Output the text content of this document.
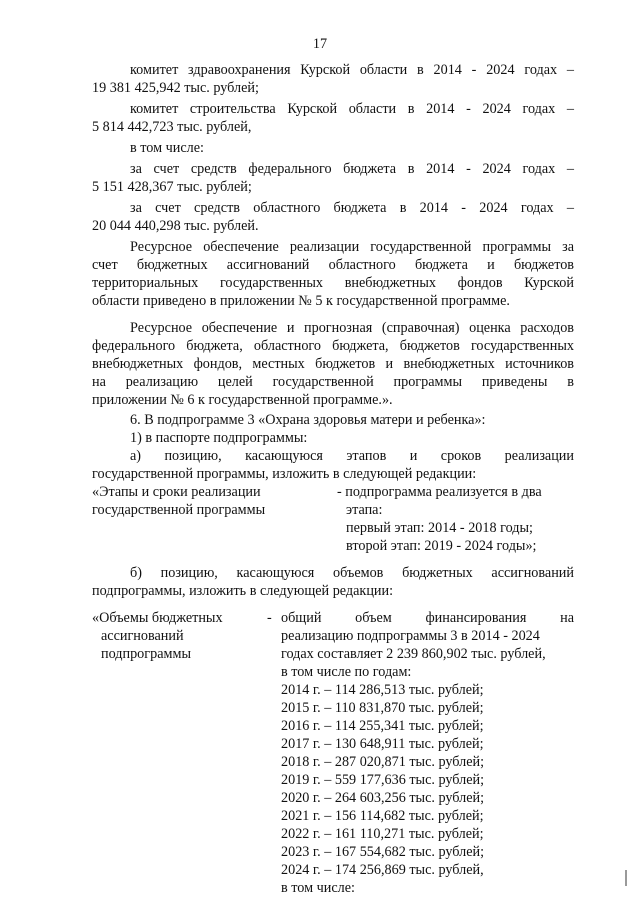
17

комитет здравоохранения Курской области в 2014 - 2024 годах –

19 381 425,942 тыс. рублей;

комитет строительства Курской области в 2014 - 2024 годах –

5 814 442,723 тыс. рублей,

в том числе:

за счет средств федерального бюджета в 2014 - 2024 годах –

5 151 428,367 тыс. рублей;

за счет средств областного бюджета в 2014 - 2024 годах –

20 044 440,298 тыс. рублей.

Ресурсное обеспечение реализации государственной программы за

счет бюджетных ассигнований областного бюджета и бюджетов

территориальных государственных внебюджетных фондов Курской

области приведено в приложении № 5 к государственной программе.

Ресурсное обеспечение и прогнозная (справочная) оценка расходов

федерального бюджета, областного бюджета, бюджетов государственных

внебюджетных фондов, местных бюджетов и внебюджетных источников

на реализацию целей государственной программы приведены в

приложении № 6 к государственной программе.».

6. В подпрограмме 3 «Охрана здоровья матери и ребенка»:

1) в паспорте подпрограммы:

а) позицию, касающуюся этапов и сроков реализации

государственной программы, изложить в следующей редакции:

«Этапы и сроки реализации

государственной программы

- подпрограмма реализуется в два

этапа:

первый этап: 2014 - 2018 годы;

второй этап: 2019 - 2024 годы»;

б) позицию, касающуюся объемов бюджетных ассигнований

подпрограммы, изложить в следующей редакции:

«Объемы бюджетных

ассигнований

подпрограммы

- общий объем финансирования на

реализацию подпрограммы 3 в 2014 - 2024

годах составляет 2 239 860,902 тыс. рублей,

в том числе по годам:

2014 г. – 114 286,513 тыс. рублей;

2015 г. – 110 831,870 тыс. рублей;

2016 г. – 114 255,341 тыс. рублей;

2017 г. – 130 648,911 тыс. рублей;

2018 г. – 287 020,871 тыс. рублей;

2019 г. – 559 177,636 тыс. рублей;

2020 г. – 264 603,256 тыс. рублей;

2021 г. – 156 114,682 тыс. рублей;

2022 г. – 161 110,271 тыс. рублей;

2023 г. – 167 554,682 тыс. рублей;

2024 г. – 174 256,869 тыс. рублей,

в том числе:
